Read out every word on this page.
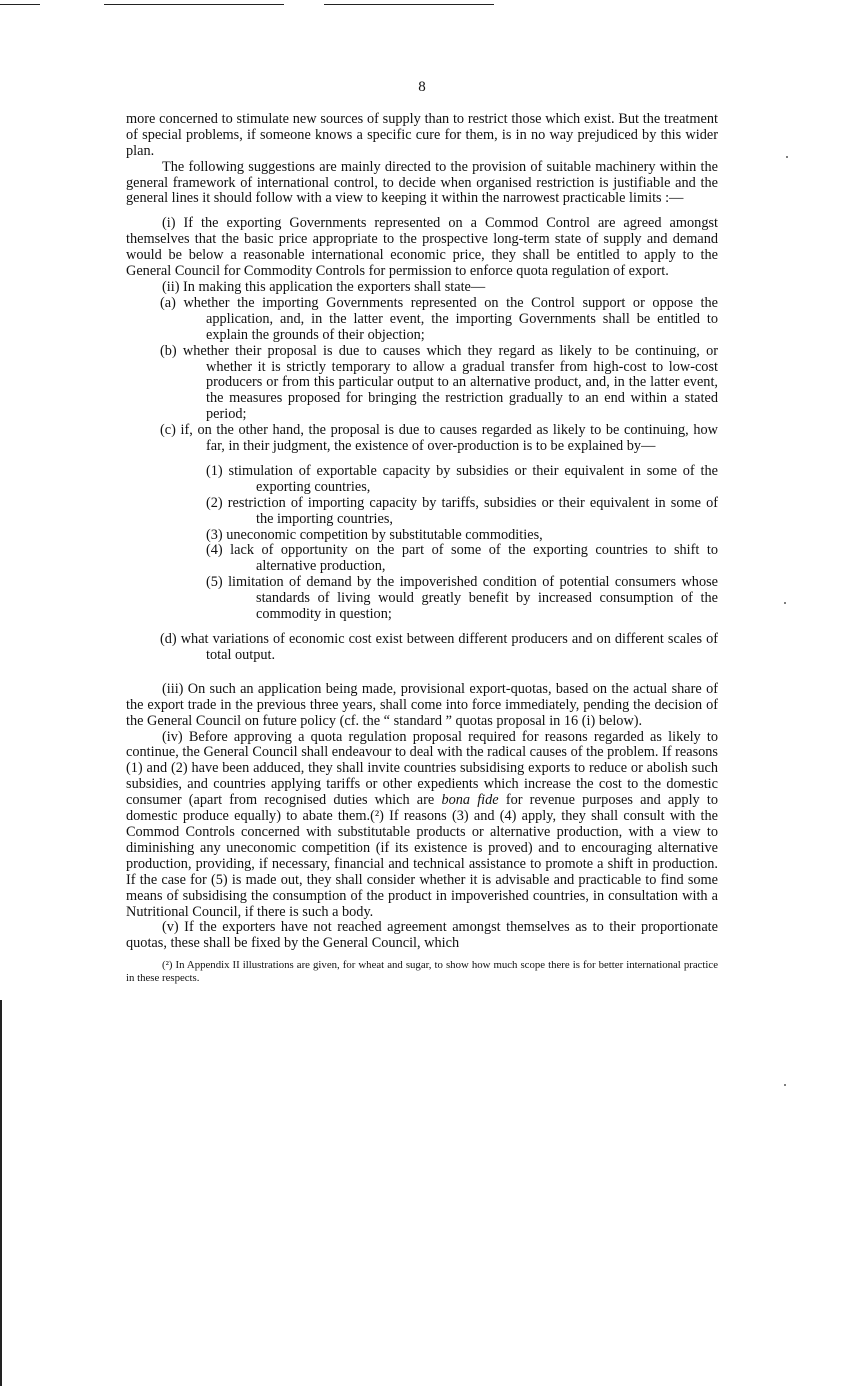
8

more concerned to stimulate new sources of supply than to restrict those which exist. But the treatment of special problems, if someone knows a specific cure for them, is in no way prejudiced by this wider plan.

The following suggestions are mainly directed to the provision of suitable machinery within the general framework of international control, to decide when organised restriction is justifiable and the general lines it should follow with a view to keeping it within the narrowest practicable limits :—

(i) If the exporting Governments represented on a Commod Control are agreed amongst themselves that the basic price appropriate to the prospective long-term state of supply and demand would be below a reasonable international economic price, they shall be entitled to apply to the General Council for Commodity Controls for permission to enforce quota regulation of export.

(ii) In making this application the exporters shall state—

(a) whether the importing Governments represented on the Control support or oppose the application, and, in the latter event, the importing Governments shall be entitled to explain the grounds of their objection;

(b) whether their proposal is due to causes which they regard as likely to be continuing, or whether it is strictly temporary to allow a gradual transfer from high-cost to low-cost producers or from this particular output to an alternative product, and, in the latter event, the measures proposed for bringing the restriction gradually to an end within a stated period;

(c) if, on the other hand, the proposal is due to causes regarded as likely to be continuing, how far, in their judgment, the existence of over-production is to be explained by—

(1) stimulation of exportable capacity by subsidies or their equivalent in some of the exporting countries,

(2) restriction of importing capacity by tariffs, subsidies or their equivalent in some of the importing countries,

(3) uneconomic competition by substitutable commodities,

(4) lack of opportunity on the part of some of the exporting countries to shift to alternative production,

(5) limitation of demand by the impoverished condition of potential consumers whose standards of living would greatly benefit by increased consumption of the commodity in question;

(d) what variations of economic cost exist between different producers and on different scales of total output.

(iii) On such an application being made, provisional export-quotas, based on the actual share of the export trade in the previous three years, shall come into force immediately, pending the decision of the General Council on future policy (cf. the “ standard ” quotas proposal in 16 (i) below).

(iv) Before approving a quota regulation proposal required for reasons regarded as likely to continue, the General Council shall endeavour to deal with the radical causes of the problem. If reasons (1) and (2) have been adduced, they shall invite countries subsidising exports to reduce or abolish such subsidies, and countries applying tariffs or other expedients which increase the cost to the domestic consumer (apart from recognised duties which are bona fide for revenue purposes and apply to domestic produce equally) to abate them.(²) If reasons (3) and (4) apply, they shall consult with the Commod Controls concerned with substitutable products or alternative production, with a view to diminishing any uneconomic competition (if its existence is proved) and to encouraging alternative production, providing, if necessary, financial and technical assistance to promote a shift in production. If the case for (5) is made out, they shall consider whether it is advisable and practicable to find some means of subsidising the consumption of the product in impoverished countries, in consultation with a Nutritional Council, if there is such a body.

(v) If the exporters have not reached agreement amongst themselves as to their proportionate quotas, these shall be fixed by the General Council, which

(²) In Appendix II illustrations are given, for wheat and sugar, to show how much scope there is for better international practice in these respects.
